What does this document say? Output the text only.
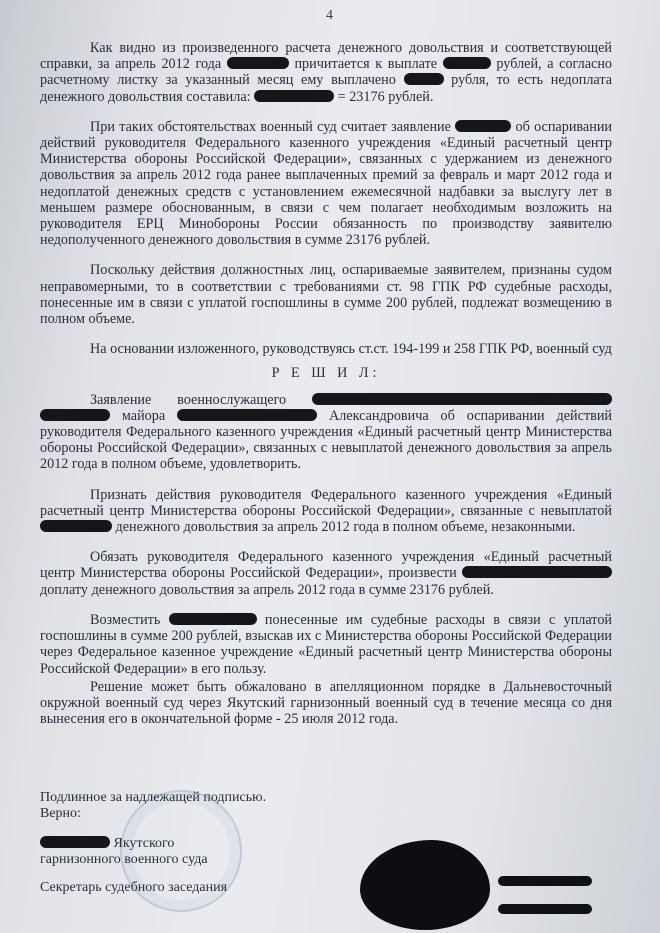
4

Как видно из произведенного расчета денежного довольствия и соответствующей справки, за апрель 2012 года	причитается к выплате	рублей, а согласно расчетному листку за указанный месяц ему выплачено	рубля, то есть недоплата денежного довольствия составила:	= 23176 рублей.

При таких обстоятельствах военный суд считает заявление	об оспаривании действий руководителя Федерального казенного учреждения «Единый расчетный центр Министерства обороны Российской Федерации», связанных с удержанием из денежного довольствия за апрель 2012 года ранее выплаченных премий за февраль и март 2012 года и недоплатой денежных средств с установлением ежемесячной надбавки за выслугу лет в меньшем размере обоснованным, в связи с чем полагает необходимым возложить на руководителя ЕРЦ Минобороны России обязанность по производству заявителю недополученного денежного довольствия в сумме 23176 рублей.

Поскольку действия должностных лиц, оспариваемые заявителем, признаны судом неправомерными, то в соответствии с требованиями ст. 98 ГПК РФ судебные расходы, понесенные им в связи с уплатой госпошлины в сумме 200 рублей, подлежат возмещению в полном объеме.

На основании изложенного, руководствуясь ст.ст. 194-199 и 258 ГПК РФ, военный суд

Р Е Ш И Л:

Заявление военнослужащего   майора	Александровича об оспаривании действий руководителя Федерального казенного учреждения «Единый расчетный центр Министерства обороны Российской Федерации», связанных с невыплатой денежного довольствия за апрель 2012 года в полном объеме, удовлетворить.

Признать действия руководителя Федерального казенного учреждения «Единый расчетный центр Министерства обороны Российской Федерации», связанные с невыплатой  денежного довольствия за апрель 2012 года в полном объеме, незаконными.

Обязать руководителя Федерального казенного учреждения «Единый расчетный центр Министерства обороны Российской Федерации», произвести  доплату денежного довольствия за апрель 2012 года в сумме 23176 рублей.

Возместить	понесенные им судебные расходы в связи с уплатой госпошлины в сумме 200 рублей, взыскав их с Министерства обороны Российской Федерации через Федеральное казенное учреждение «Единый расчетный центр Министерства обороны Российской Федерации» в его пользу.

Решение может быть обжаловано в апелляционном порядке в Дальневосточный окружной военный суд через Якутский гарнизонный военный суд в течение месяца со дня вынесения его в окончательной форме - 25 июля 2012 года.

Подлинное за надлежащей подписью.
Верно:
Якутского
гарнизонного военного суда
Секретарь судебного заседания
